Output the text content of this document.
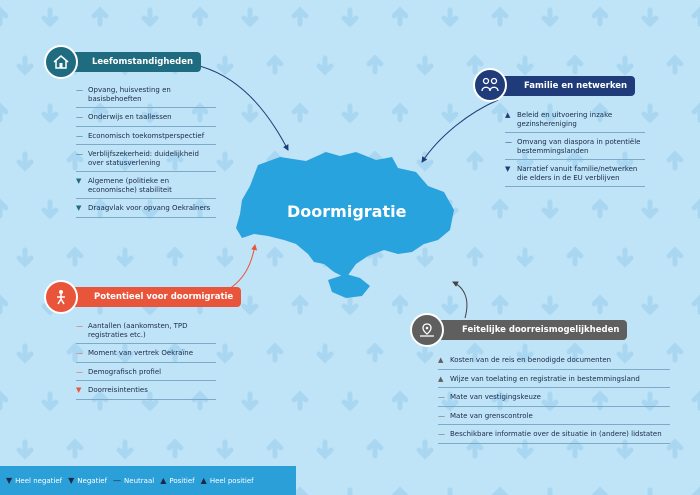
Doormigratie
Leefomstandigheden
— Opvang, huisvesting en basisbehoeften
— Onderwijs en taallessen
— Economisch toekomstperspectief
— Verblijfszekerheid: duidelijkheid over statusverlening
▼ Algemene (politieke en economische) stabiliteit
▼ Draagvlak voor opvang Oekraïners
Familie en netwerken
▲ Beleid en uitvoering inzake gezinshereniging
— Omvang van diaspora in potentiële bestemmingslanden
▼ Narratief vanuit familie/netwerken die elders in de EU verblijven
Potentieel voor doormigratie
— Aantallen (aankomsten, TPD registraties etc.)
— Moment van vertrek Oekraïne
— Demografisch profiel
▼ Doorreisintenties
Feitelijke doorreismogelijkheden
▲ Kosten van de reis en benodigde documenten
▲ Wijze van toelating en registratie in bestemmingsland
— Mate van vestigingskeuze
— Mate van grenscontrole
— Beschikbare informatie over de situatie in (andere) lidstaten
▼ Heel negatief ▼ Negatief — Neutraal ▲ Positief ▲ Heel positief
